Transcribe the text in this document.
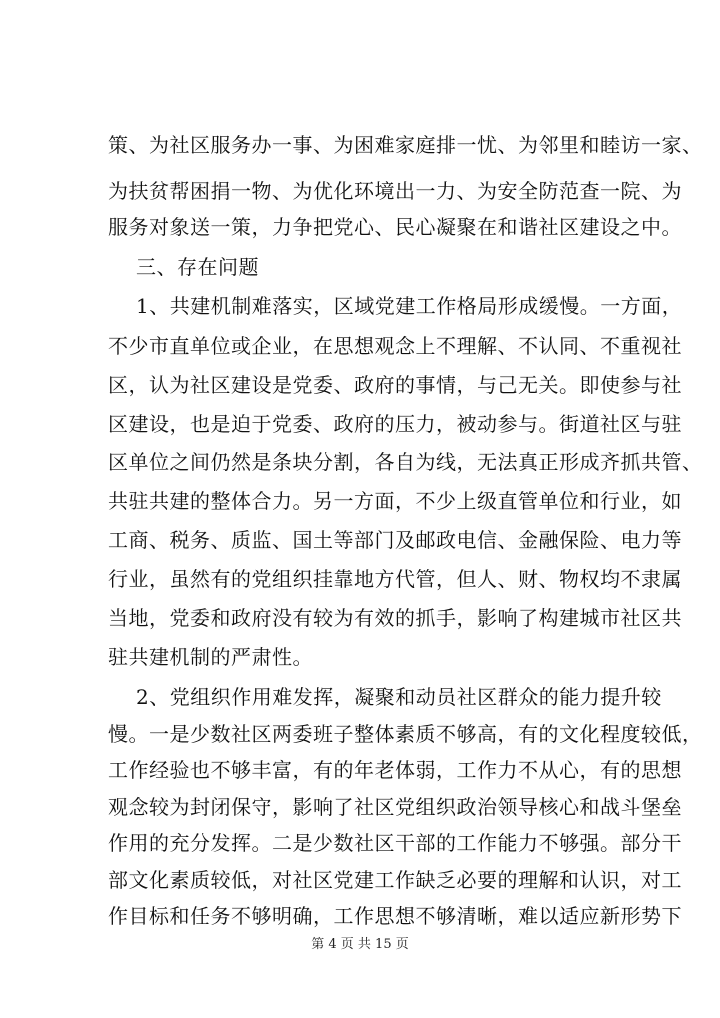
策、为社区服务办一事、为困难家庭排一忧、为邻里和睦访一家、
为扶贫帮困捐一物、为优化环境出一力、为安全防范查一院、为
服务对象送一策，力争把党心、民心凝聚在和谐社区建设之中。
三、存在问题
1、共建机制难落实，区域党建工作格局形成缓慢。一方面，
不少市直单位或企业，在思想观念上不理解、不认同、不重视社
区，认为社区建设是党委、政府的事情，与己无关。即使参与社
区建设，也是迫于党委、政府的压力，被动参与。街道社区与驻
区单位之间仍然是条块分割，各自为线，无法真正形成齐抓共管、
共驻共建的整体合力。另一方面，不少上级直管单位和行业，如
工商、税务、质监、国土等部门及邮政电信、金融保险、电力等
行业，虽然有的党组织挂靠地方代管，但人、财、物权均不隶属
当地，党委和政府没有较为有效的抓手，影响了构建城市社区共
驻共建机制的严肃性。
2、党组织作用难发挥，凝聚和动员社区群众的能力提升较
慢。一是少数社区两委班子整体素质不够高，有的文化程度较低，
工作经验也不够丰富，有的年老体弱，工作力不从心，有的思想
观念较为封闭保守，影响了社区党组织政治领导核心和战斗堡垒
作用的充分发挥。二是少数社区干部的工作能力不够强。部分干
部文化素质较低，对社区党建工作缺乏必要的理解和认识，对工
作目标和任务不够明确，工作思想不够清晰，难以适应新形势下
第 4 页 共 15 页
